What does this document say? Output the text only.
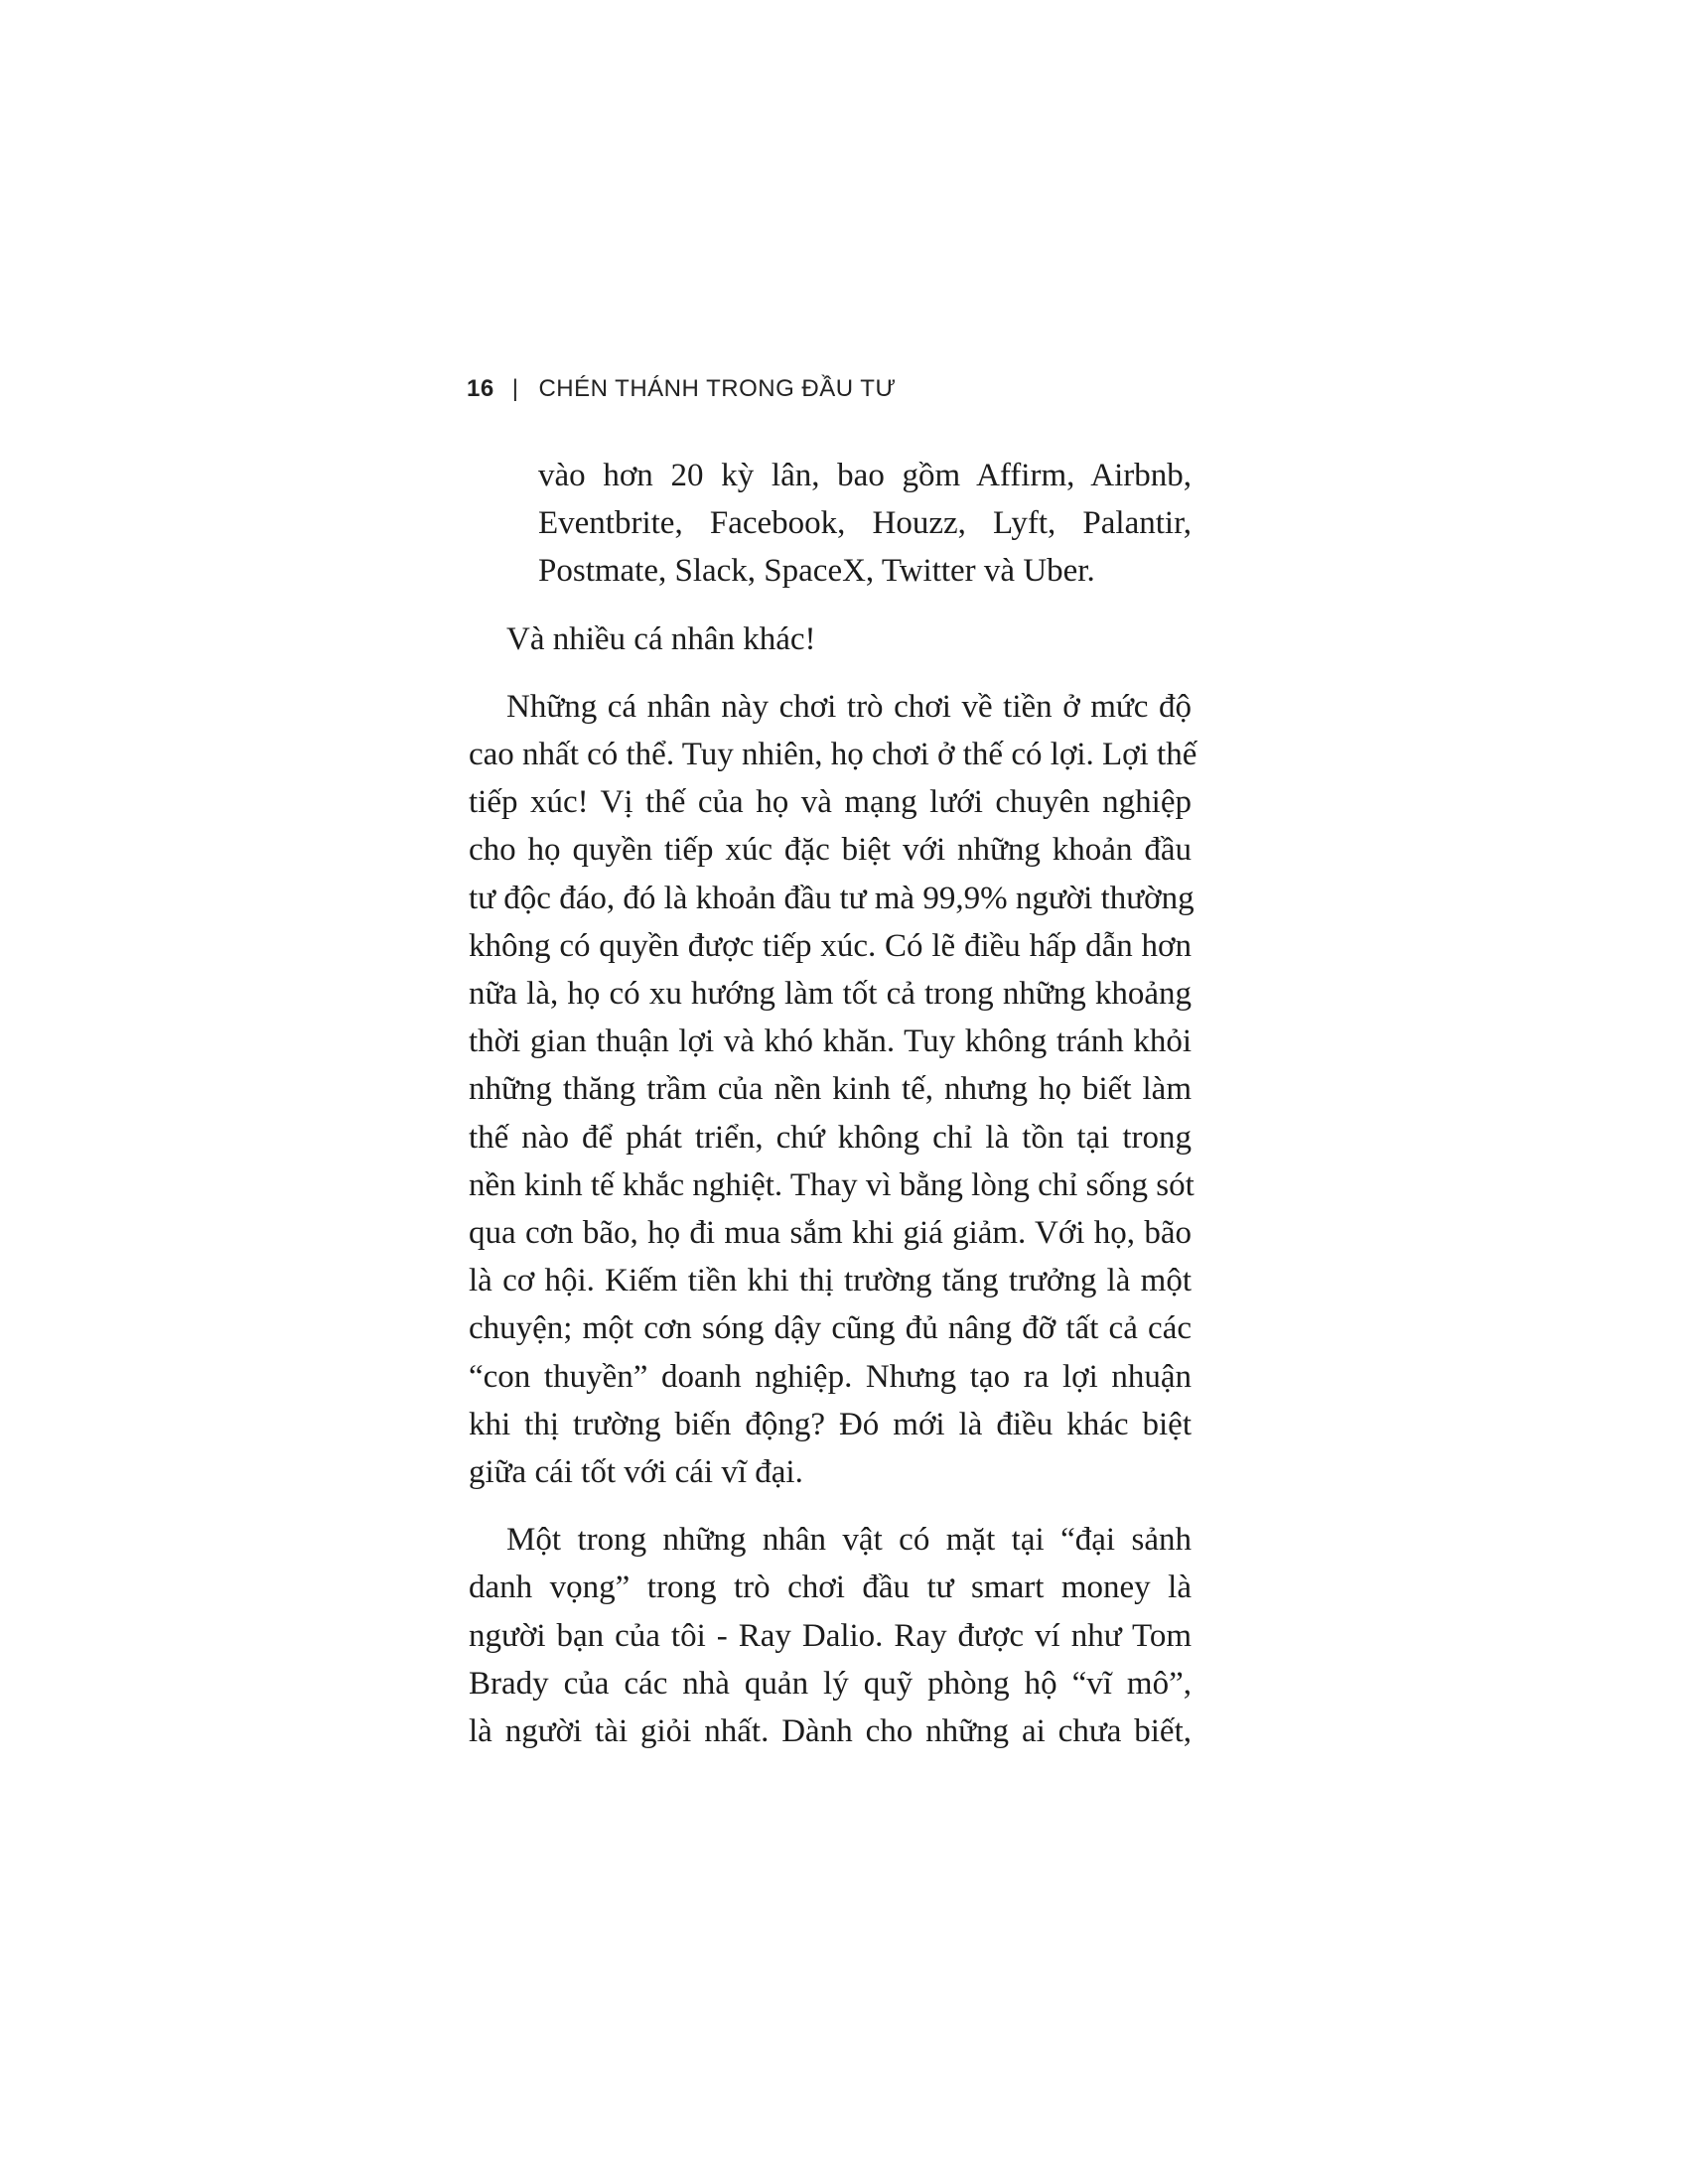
16 | CHÉN THÁNH TRONG ĐẦU TƯ

vào hơn 20 kỳ lân, bao gồm Affirm, Airbnb,
Eventbrite, Facebook, Houzz, Lyft, Palantir,
Postmate, Slack, SpaceX, Twitter và Uber.

Và nhiều cá nhân khác!

Những cá nhân này chơi trò chơi về tiền ở mức độ
cao nhất có thể. Tuy nhiên, họ chơi ở thế có lợi. Lợi thế
tiếp xúc! Vị thế của họ và mạng lưới chuyên nghiệp
cho họ quyền tiếp xúc đặc biệt với những khoản đầu
tư độc đáo, đó là khoản đầu tư mà 99,9% người thường
không có quyền được tiếp xúc. Có lẽ điều hấp dẫn hơn
nữa là, họ có xu hướng làm tốt cả trong những khoảng
thời gian thuận lợi và khó khăn. Tuy không tránh khỏi
những thăng trầm của nền kinh tế, nhưng họ biết làm
thế nào để phát triển, chứ không chỉ là tồn tại trong
nền kinh tế khắc nghiệt. Thay vì bằng lòng chỉ sống sót
qua cơn bão, họ đi mua sắm khi giá giảm. Với họ, bão
là cơ hội. Kiếm tiền khi thị trường tăng trưởng là một
chuyện; một cơn sóng dậy cũng đủ nâng đỡ tất cả các
“con thuyền” doanh nghiệp. Nhưng tạo ra lợi nhuận
khi thị trường biến động? Đó mới là điều khác biệt
giữa cái tốt với cái vĩ đại.

Một trong những nhân vật có mặt tại “đại sảnh
danh vọng” trong trò chơi đầu tư smart money là
người bạn của tôi - Ray Dalio. Ray được ví như Tom
Brady của các nhà quản lý quỹ phòng hộ “vĩ mô”,
là người tài giỏi nhất. Dành cho những ai chưa biết,
